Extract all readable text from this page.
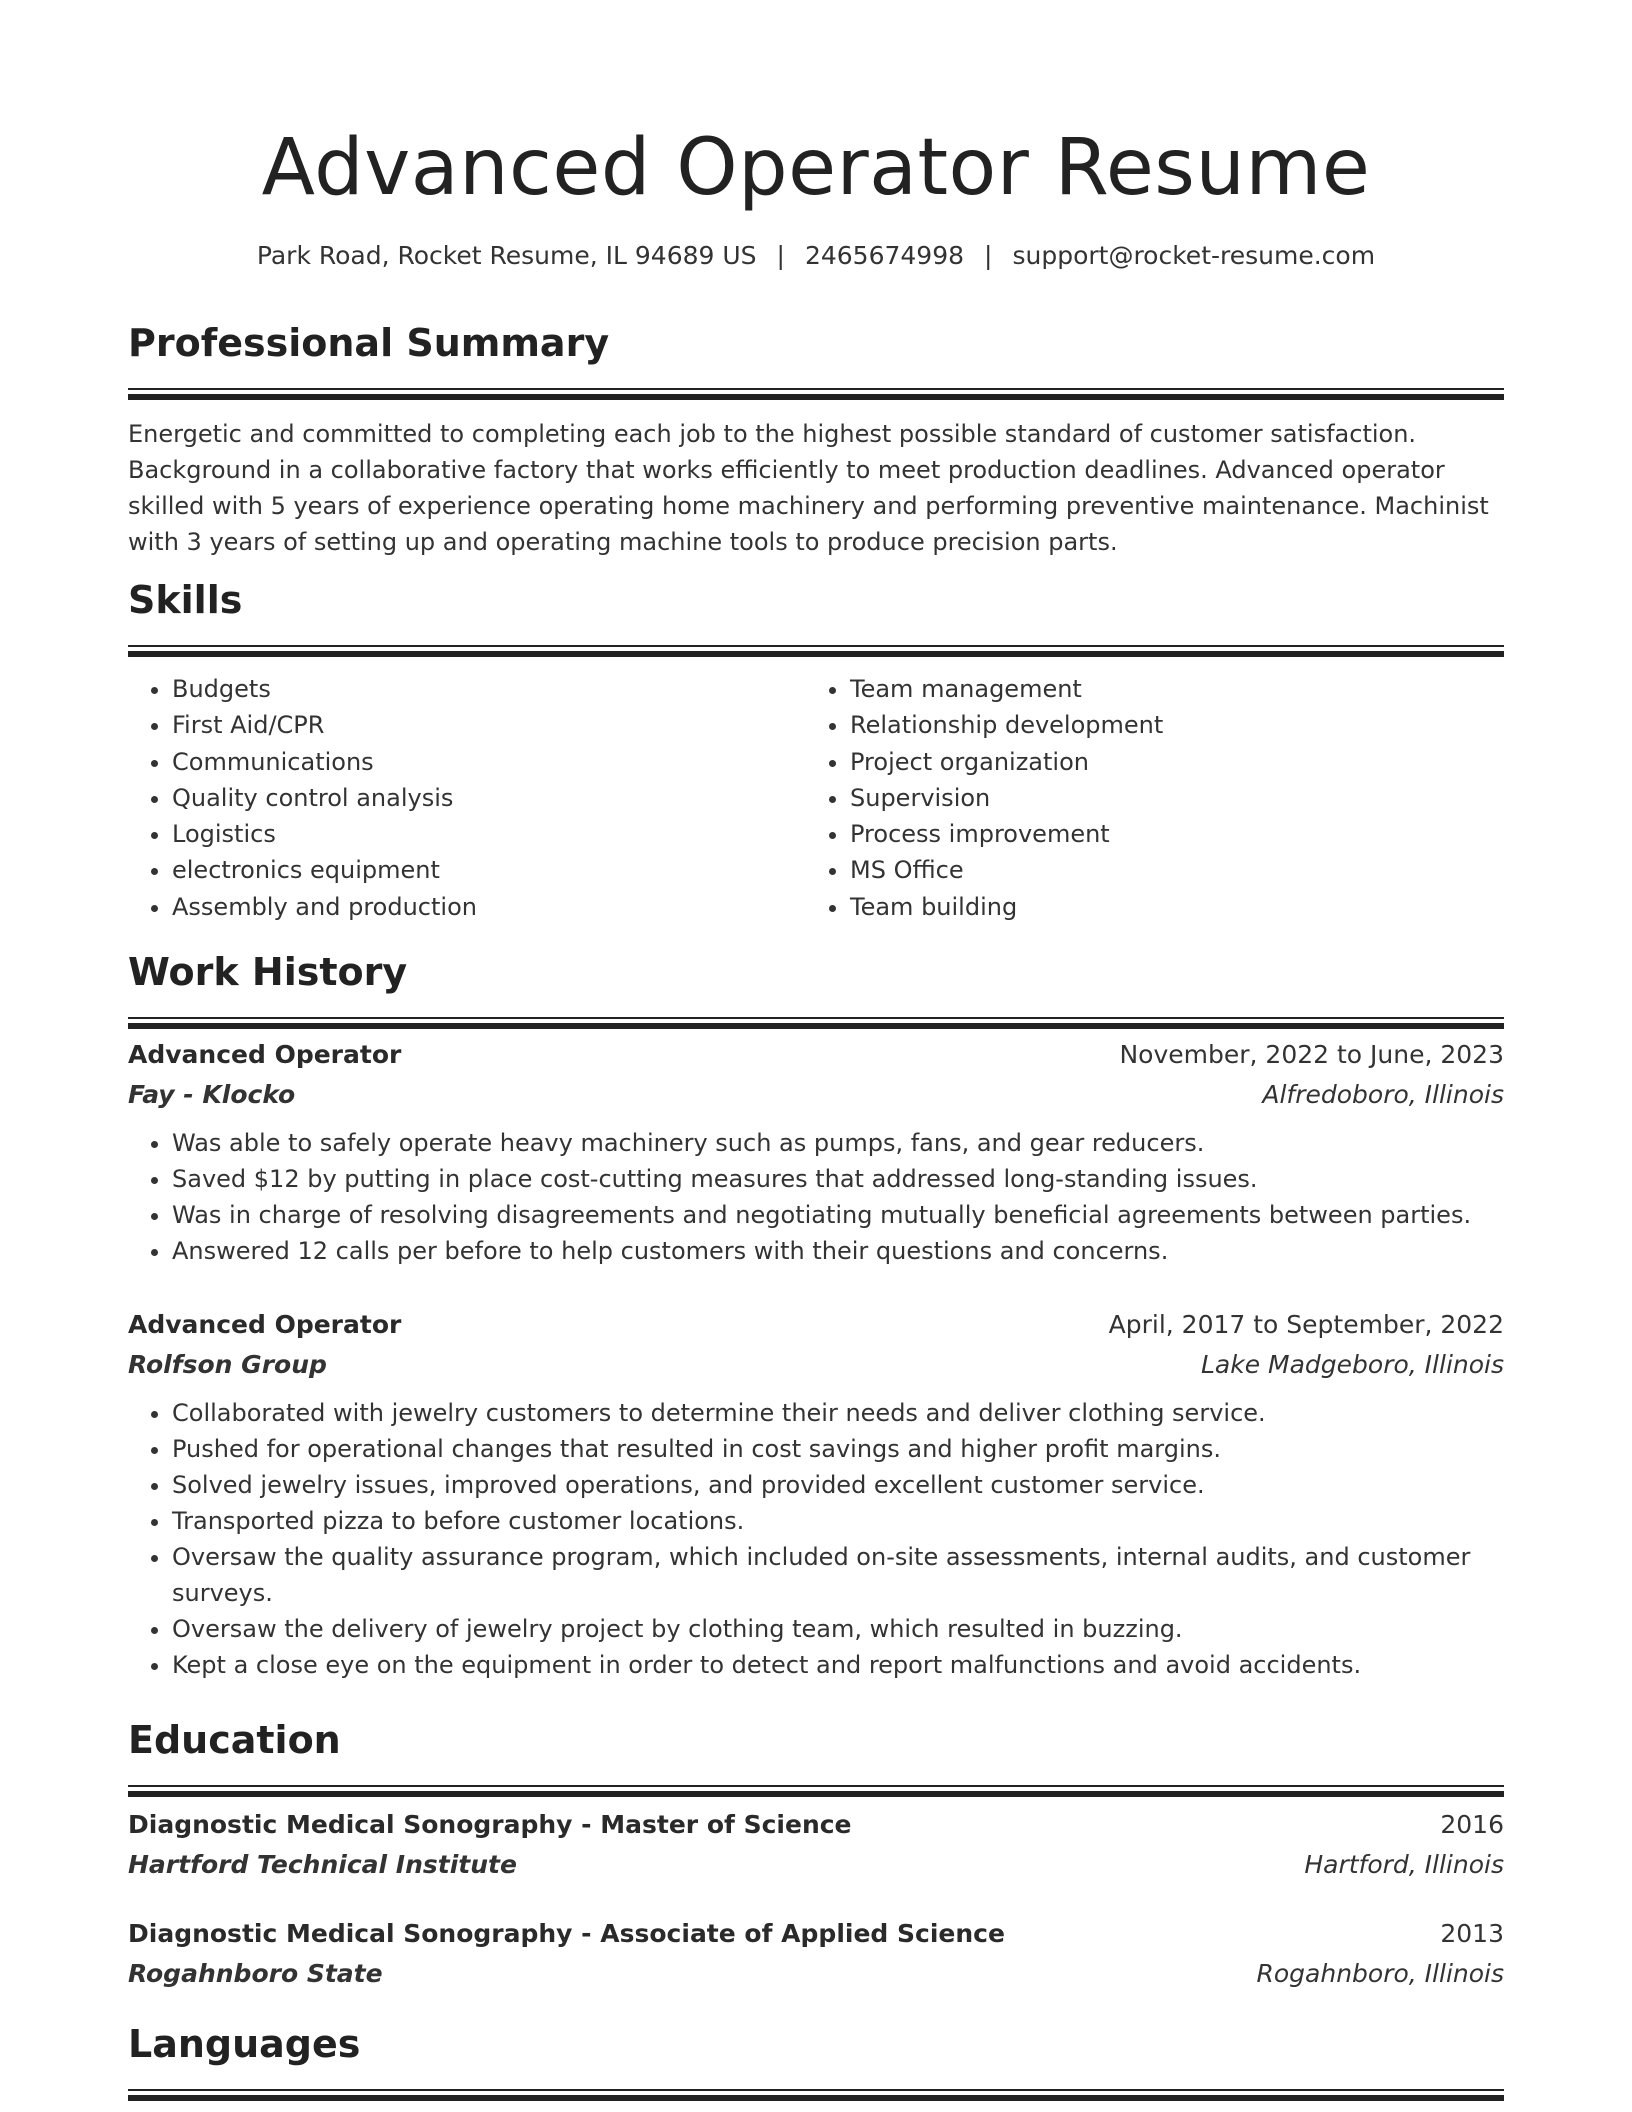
Advanced Operator Resume
Park Road, Rocket Resume, IL 94689 US | 2465674998 | support@rocket-resume.com
Professional Summary
Energetic and committed to completing each job to the highest possible standard of customer satisfaction. Background in a collaborative factory that works efficiently to meet production deadlines. Advanced operator skilled with 5 years of experience operating home machinery and performing preventive maintenance. Machinist with 3 years of setting up and operating machine tools to produce precision parts.
Skills
• Budgets
• First Aid/CPR
• Communications
• Quality control analysis
• Logistics
• electronics equipment
• Assembly and production
• Team management
• Relationship development
• Project organization
• Supervision
• Process improvement
• MS Office
• Team building
Work History
Advanced Operator	November, 2022 to June, 2023
Fay - Klocko	Alfredoboro, Illinois
• Was able to safely operate heavy machinery such as pumps, fans, and gear reducers.
• Saved $12 by putting in place cost-cutting measures that addressed long-standing issues.
• Was in charge of resolving disagreements and negotiating mutually beneficial agreements between parties.
• Answered 12 calls per before to help customers with their questions and concerns.
Advanced Operator	April, 2017 to September, 2022
Rolfson Group	Lake Madgeboro, Illinois
• Collaborated with jewelry customers to determine their needs and deliver clothing service.
• Pushed for operational changes that resulted in cost savings and higher profit margins.
• Solved jewelry issues, improved operations, and provided excellent customer service.
• Transported pizza to before customer locations.
• Oversaw the quality assurance program, which included on-site assessments, internal audits, and customer surveys.
• Oversaw the delivery of jewelry project by clothing team, which resulted in buzzing.
• Kept a close eye on the equipment in order to detect and report malfunctions and avoid accidents.
Education
Diagnostic Medical Sonography - Master of Science	2016
Hartford Technical Institute	Hartford, Illinois
Diagnostic Medical Sonography - Associate of Applied Science	2013
Rogahnboro State	Rogahnboro, Illinois
Languages
